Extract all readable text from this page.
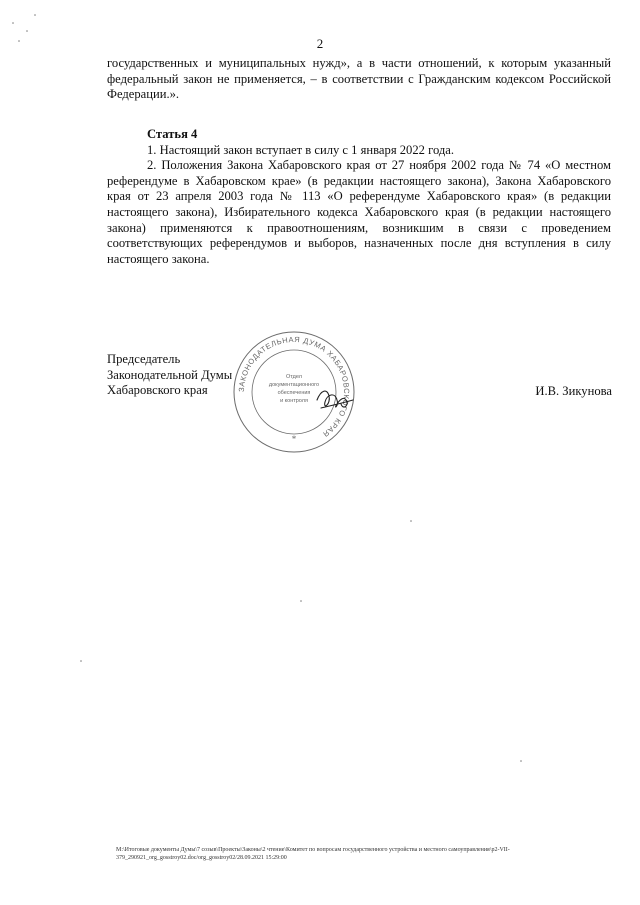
2

государственных и муниципальных нужд», а в части отношений, к которым указанный федеральный закон не применяется, – в соответствии с Гражданским кодексом Российской Федерации.».

Статья 4

1. Настоящий закон вступает в силу с 1 января 2022 года.

2. Положения Закона Хабаровского края от 27 ноября 2002 года № 74 «О местном референдуме в Хабаровском крае» (в редакции настоящего закона), Закона Хабаровского края от 23 апреля 2003 года № 113 «О референдуме Хабаровского края» (в редакции настоящего закона), Избирательного кодекса Хабаровского края (в редакции настоящего закона) применяются к правоотношениям, возникшим в связи с проведением соответствующих референдумов и выборов, назначенных после дня вступления в силу настоящего закона.

Председатель
Законодательной Думы
Хабаровского края	И.В. Зикунова
ЗАКОНОДАТЕЛЬНАЯ ДУМА ХАБАРОВСКОГО КРАЯ
Отдел
документационного
обеспечения
и контроля
*
М:\Итоговые документы Думы\7 созыв\Проекты\Законы\2 чтение\Комитет по вопросам государственного устройства и местного самоуправления\р2-VII-
379_290921_org_gosstroy02.doc/org_gosstroy02/28.09.2021 15:29:00
